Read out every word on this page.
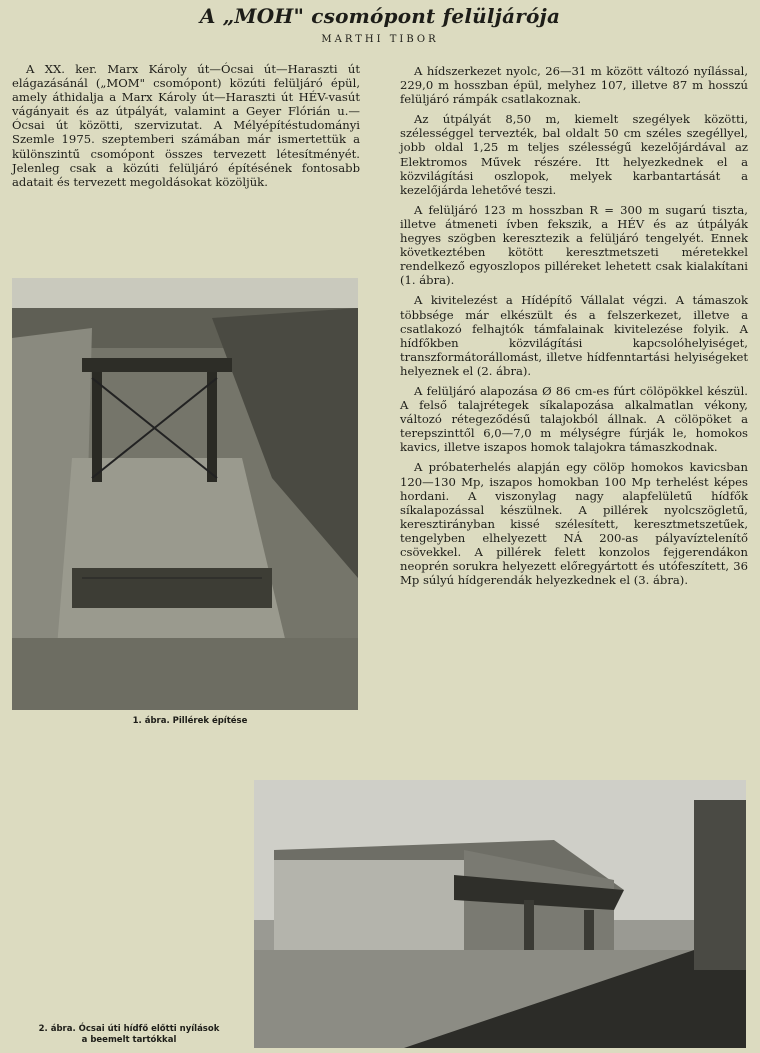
A „MOH" csomópont felüljárója
MARTHI TIBOR

A XX. ker. Marx Károly út—Ócsai út—Haraszti út elágazásánál („MOM" csomópont) közúti felüljáró épül, amely áthidalja a Marx Károly út—Haraszti út HÉV-vasút vágányait és az útpályát, valamint a Geyer Flórián u.—Ócsai út közötti, szervizutat. A Mélyépítéstudományi Szemle 1975. szeptemberi számában már ismertettük a különszintű csomópont összes tervezett létesítményét. Jelenleg csak a közúti felüljáró építésének fontosabb adatait és tervezett megoldásokat közöljük.

A hídszerkezet nyolc, 26—31 m között változó nyílással, 229,0 m hosszban épül, melyhez 107, illetve 87 m hosszú felüljáró rámpák csatlakoznak.

Az útpályát 8,50 m, kiemelt szegélyek közötti, szélességgel tervezték, bal oldalt 50 cm széles szegéllyel, jobb oldal 1,25 m teljes szélességű kezelőjárdával az Elektromos Művek részére. Itt helyezkednek el a közvilágítási oszlopok, melyek karbantartását a kezelőjárda lehetővé teszi.

A felüljáró 123 m hosszban R = 300 m sugarú tiszta, illetve átmeneti ívben fekszik, a HÉV és az útpályák hegyes szögben keresztezik a felüljáró tengelyét. Ennek következtében kötött keresztmetszeti méretekkel rendelkező egyoszlopos pilléreket lehetett csak kialakítani (1. ábra).

A kivitelezést a Hídépítő Vállalat végzi. A támaszok többsége már elkészült és a felszerkezet, illetve a csatlakozó felhajtók támfalainak kivitelezése folyik. A hídfőkben közvilágítási kapcsolóhelyiséget, transzformátorállomást, illetve hídfenntartási helyiségeket helyeznek el (2. ábra).

A felüljáró alapozása Ø 86 cm-es fúrt cölöpökkel készül. A felső talajrétegek síkalapozása alkalmatlan vékony, változó rétegeződésű talajokból állnak. A cölöpöket a terepszinttől 6,0—7,0 m mélységre fúrják le, homokos kavics, illetve iszapos homok talajokra támaszkodnak.

A próbaterhelés alapján egy cölöp homokos kavicsban 120—130 Mp, iszapos homokban 100 Mp terhelést képes hordani. A viszonylag nagy alapfelületű hídfők síkalapozással készülnek. A pillérek nyolcszögletű, keresztirányban kissé szélesített, keresztmetszetűek, tengelyben elhelyezett NÁ 200-as pályavíztelenítő csövekkel. A pillérek felett konzolos fejgerendákon neoprén sorukra helyezett előregyártott és utófeszített, 36 Mp súlyú hídgerendák helyezkednek el (3. ábra).

1. ábra. Pillérek építése
2. ábra. Ócsai úti hídfő előtti nyílások
a beemelt tartókkal
